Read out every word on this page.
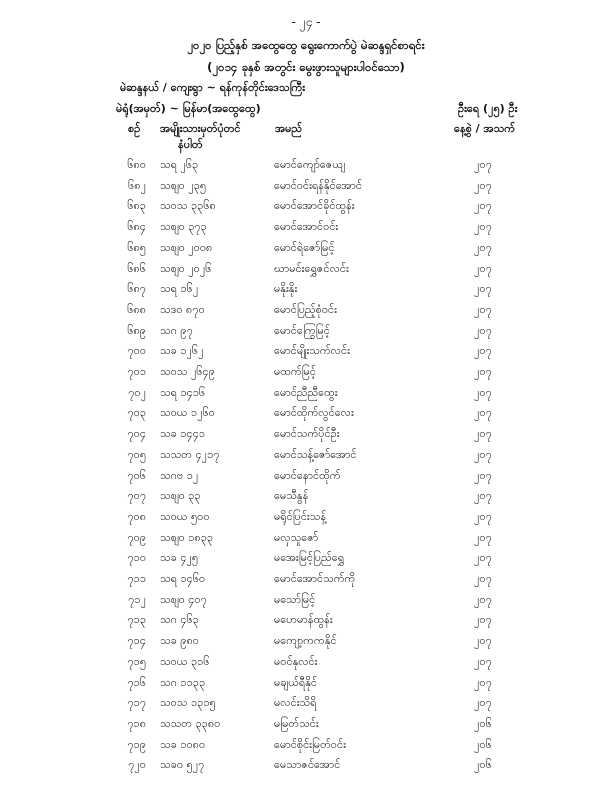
- ၂၄ -
၂၀၂၀ ပြည့်နှစ် အထွေထွေ ရွေးကောက်ပွဲ မဲဆန္ဒရှင်စာရင်း
(၂၀၁၄ ခုနှစ် အတွင်း မွေးဖွားသူများပါဝင်သော)
မဲဆန္ဒနယ် / ကျေးရွာ ~ ရန်ကုန်တိုင်းဒေသကြီး
မဲရုံ(အမှတ်) ~ မြန်မာ(အထွေထွေ)	ဦးရေ (၂၅) ဦး
စဉ် အမျိုးသားမှတ်ပုံတင်
နံပါတ်
အမည်	နေ့စွဲ / အသက်
၆၈၀ သရ ၂၆၃	မောင်ကျော်ဇေယျ	၂၀၇
၆၈၂ သစျ၀ ၂၃၅	မောင်ဝင်းရန်နိုင်အောင်	၂၀၇
၆၈၃ သဝသ ၃၃၆၈	မောင်အောင်ခိုင်ထွန်း	၂၀၇
၆၈၄ သစျ၀ ၃၇၃	မောင်အောင်ဝင်း	၂၀၇
၆၈၅ သစျ၀ ၂၀၀၈	မောင်ရဲဇော်မြင့်	၂၀၇
၆၈၆ သစျ၀ ၂၀၂၆	ဃာမင်းရွှေဇင်လင်း	၂၀၇
၆၈၇ သရ ၁၆၂	မနိုးနိုး	၂၀၇
၆၈၈ သဒဝ ၈၇၀	မောင်ပြည့်စုံဝင်း	၂၀၇
၆၈၉ သဂ ၉၇	မောင်ကြွေမြင့်	၂၀၇
၇၀၀ သခ ၁၂၆၂	မောင်မျိုးသက်လင်း	၂၀၇
၇၀၁ သဝသ ၂၆၄၉	မထက်မြင့်	၂၀၇
၇၀၂ သရ ၁၄၁၆	မောင်ညီညီထွေး	၂၀၇
၇၀၃ သဝယ ၁၂၆၀	မောင်ထိုက်လွင်လေး	၂၀၇
၇၀၄ သခ ၁၄၄၁	မောင်သက်ပိုင်ဦး	၂၀၇
၇၀၅ သသတ ၄၂၁၇	မောင်သန့်ဇော်အောင်	၂၀၇
၇၀၆ သဂဗ ၁၂	မောင်နောင်ထိုက်	၂၀၇
၇၀၇ သစျ၀ ၃၃	မေသီနွန်	၂၀၇
၇၀၈ သဝယ ၅၀၀	မရိုင်ပြင်းသန့်	၂၀၇
၇၀၉ သစျ၀ ၁၈၃၃	မလှသူဇော်	၂၀၇
၇၁၀ သခ ၄၂၅	မအေးမြင့်ပြည်ရွှေ	၂၀၇
၇၁၁ သရ ၁၄၆၀	မောင်အောင်သက်ကို	၂၀၇
၇၁၂ သစျ၀ ၄၀၇	မသော်မြင့်	၂၀၇
၇၁၃ သဂ ၄၆၃	မဟေမာန်ထွန်း	၂၀၇
၇၁၄ သခ ၉၈၀	မကျော့ကကနိုင်	၂၀၇
၇၁၅ သဝယ ၃၁၆	မဝင်နုလင်း	၂၀၇
၇၁၆ သဂ ၁၁၃၃	မချယ်ရီနိုင်	၂၀၇
၇၁၇ သဝသ ၁၃၁၅	မလင်းသိရိ	၂၀၇
၇၁၈ သသတ ၃၃၈၀	မမြတ်သင်း	၂၀၆
၇၁၉ သခ ၁၀၈၀	မောင်စိုင်းမြတ်ဝင်း	၂၀၆
၇၂၀ သခ၀ ၅၂၇	မေသာဇင်အောင်	၂၀၆
